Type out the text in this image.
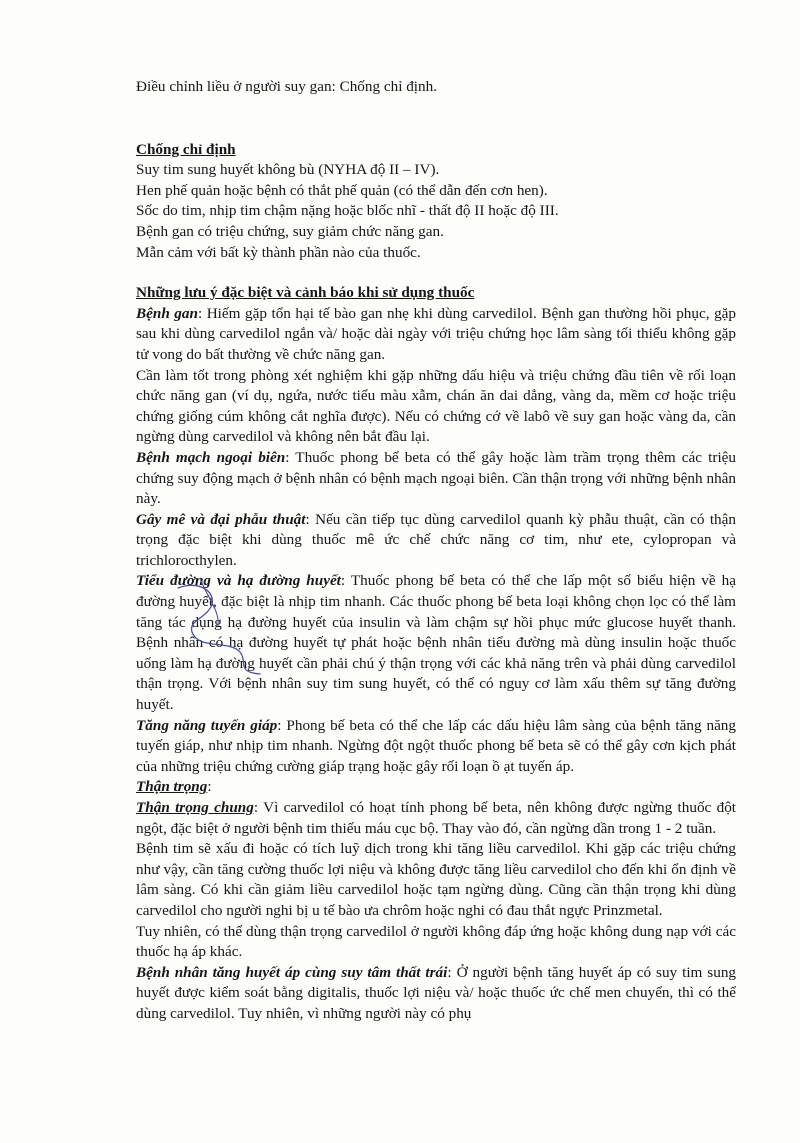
Điều chỉnh liều ở người suy gan: Chống chỉ định.

Chống chỉ định

Suy tim sung huyết không bù (NYHA độ II – IV).

Hen phế quản hoặc bệnh có thắt phế quản (có thể dẫn đến cơn hen).

Sốc do tim, nhịp tim chậm nặng hoặc blốc nhĩ - thất độ II hoặc độ III.

Bệnh gan có triệu chứng, suy giảm chức năng gan.

Mẫn cảm với bất kỳ thành phần nào của thuốc.

Những lưu ý đặc biệt và cảnh báo khi sử dụng thuốc

Bệnh gan: Hiếm gặp tổn hại tế bào gan nhẹ khi dùng carvedilol. Bệnh gan thường hồi phục, gặp sau khi dùng carvedilol ngắn và/ hoặc dài ngày với triệu chứng học lâm sàng tối thiểu không gặp tử vong do bất thường về chức năng gan.

Cần làm tốt trong phòng xét nghiệm khi gặp những dấu hiệu và triệu chứng đầu tiên về rối loạn chức năng gan (ví dụ, ngứa, nước tiểu màu xẫm, chán ăn dai dẳng, vàng da, mềm cơ hoặc triệu chứng giống cúm không cắt nghĩa được). Nếu có chứng cớ về labô về suy gan hoặc vàng da, cần ngừng dùng carvedilol và không nên bắt đầu lại.

Bệnh mạch ngoại biên: Thuốc phong bế beta có thể gây hoặc làm trầm trọng thêm các triệu chứng suy động mạch ở bệnh nhân có bệnh mạch ngoại biên. Cần thận trọng với những bệnh nhân này.

Gây mê và đại phẫu thuật: Nếu cần tiếp tục dùng carvedilol quanh kỳ phẫu thuật, cần có thận trọng đặc biệt khi dùng thuốc mê ức chế chức năng cơ tim, như ete, cylopropan và trichlorocthylen.

Tiểu đường và hạ đường huyết: Thuốc phong bế beta có thể che lấp một số biểu hiện về hạ đường huyết, đặc biệt là nhịp tim nhanh. Các thuốc phong bế beta loại không chọn lọc có thể làm tăng tác dụng hạ đường huyết của insulin và làm chậm sự hồi phục mức glucose huyết thanh. Bệnh nhân có hạ đường huyết tự phát hoặc bệnh nhân tiểu đường mà dùng insulin hoặc thuốc uống làm hạ đường huyết cần phải chú ý thận trọng với các khả năng trên và phải dùng carvedilol thận trọng. Với bệnh nhân suy tim sung huyết, có thể có nguy cơ làm xấu thêm sự tăng đường huyết.

Tăng năng tuyến giáp: Phong bế beta có thể che lấp các dấu hiệu lâm sàng của bệnh tăng năng tuyến giáp, như nhịp tim nhanh. Ngừng đột ngột thuốc phong bế beta sẽ có thể gây cơn kịch phát của những triệu chứng cường giáp trạng hoặc gây rối loạn ồ ạt tuyến áp.

Thận trọng:

Thận trọng chung: Vì carvedilol có hoạt tính phong bế beta, nên không được ngừng thuốc đột ngột, đặc biệt ở người bệnh tim thiếu máu cục bộ. Thay vào đó, cần ngừng dần trong 1 - 2 tuần.

Bệnh tim sẽ xấu đi hoặc có tích luỹ dịch trong khi tăng liều carvedilol. Khi gặp các triệu chứng như vậy, cần tăng cường thuốc lợi niệu và không được tăng liều carvedilol cho đến khi ổn định về lâm sàng. Có khi cần giảm liều carvedilol hoặc tạm ngừng dùng. Cũng cần thận trọng khi dùng carvedilol cho người nghi bị u tế bào ưa chrôm hoặc nghi có đau thắt ngực Prinzmetal.

Tuy nhiên, có thể dùng thận trọng carvedilol ở người không đáp ứng hoặc không dung nạp với các thuốc hạ áp khác.

Bệnh nhân tăng huyết áp cùng suy tâm thất trái: Ở người bệnh tăng huyết áp có suy tim sung huyết được kiểm soát bằng digitalis, thuốc lợi niệu và/ hoặc thuốc ức chế men chuyển, thì có thể dùng carvedilol. Tuy nhiên, vì những người này có phụ
